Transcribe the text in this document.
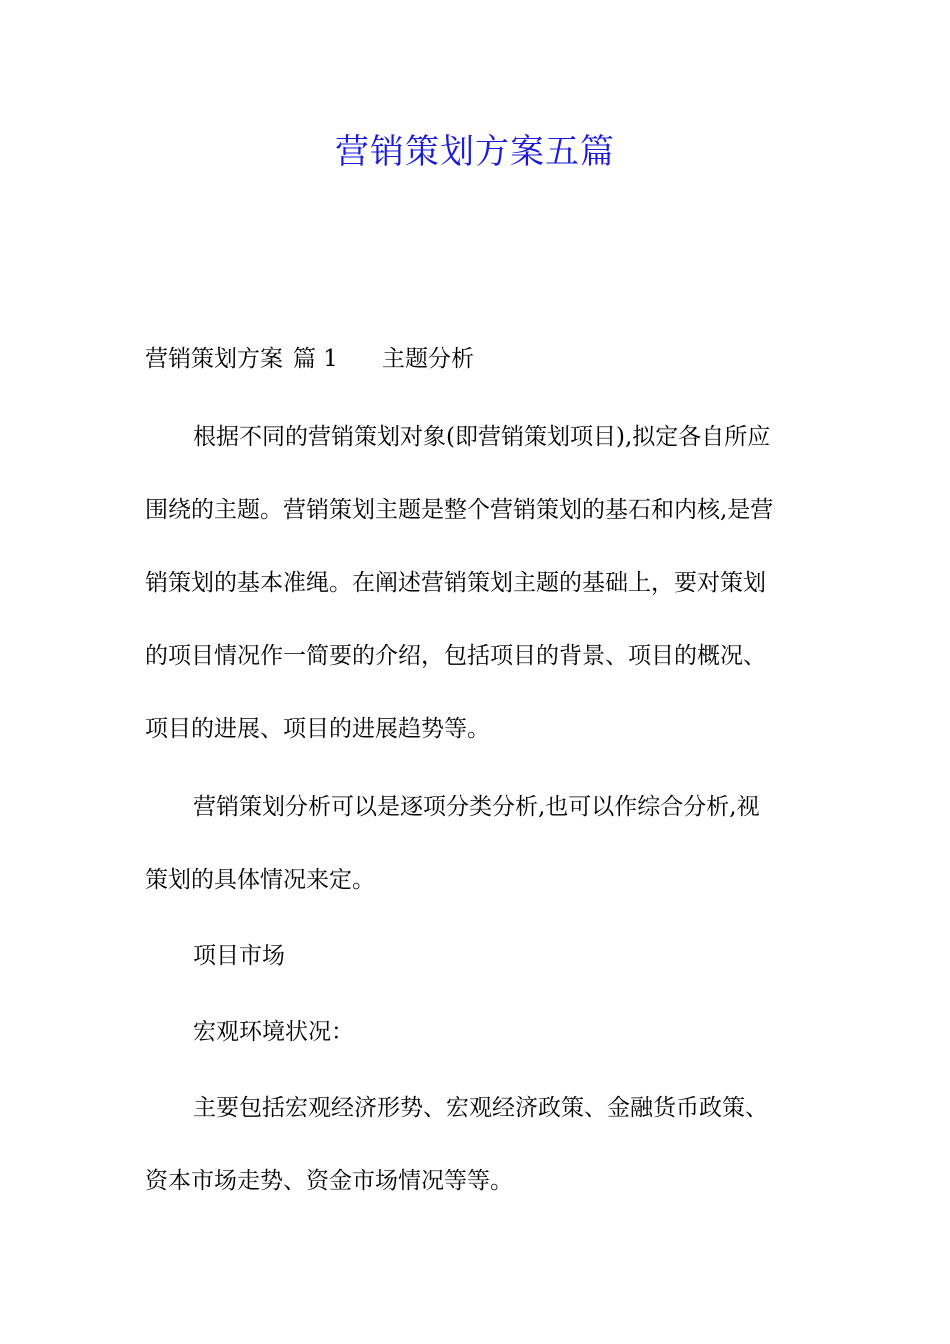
营销策划方案五篇
营销策划方案 篇 1 主题分析
根据不同的营销策划对象(即营销策划项目),拟定各自所应
围绕的主题。营销策划主题是整个营销策划的基石和内核,是营
销策划的基本准绳。在阐述营销策划主题的基础上，要对策划
的项目情况作一简要的介绍，包括项目的背景、项目的概况、
项目的进展、项目的进展趋势等。
营销策划分析可以是逐项分类分析,也可以作综合分析,视
策划的具体情况来定。
项目市场
宏观环境状况：
主要包括宏观经济形势、宏观经济政策、金融货币政策、
资本市场走势、资金市场情况等等。
